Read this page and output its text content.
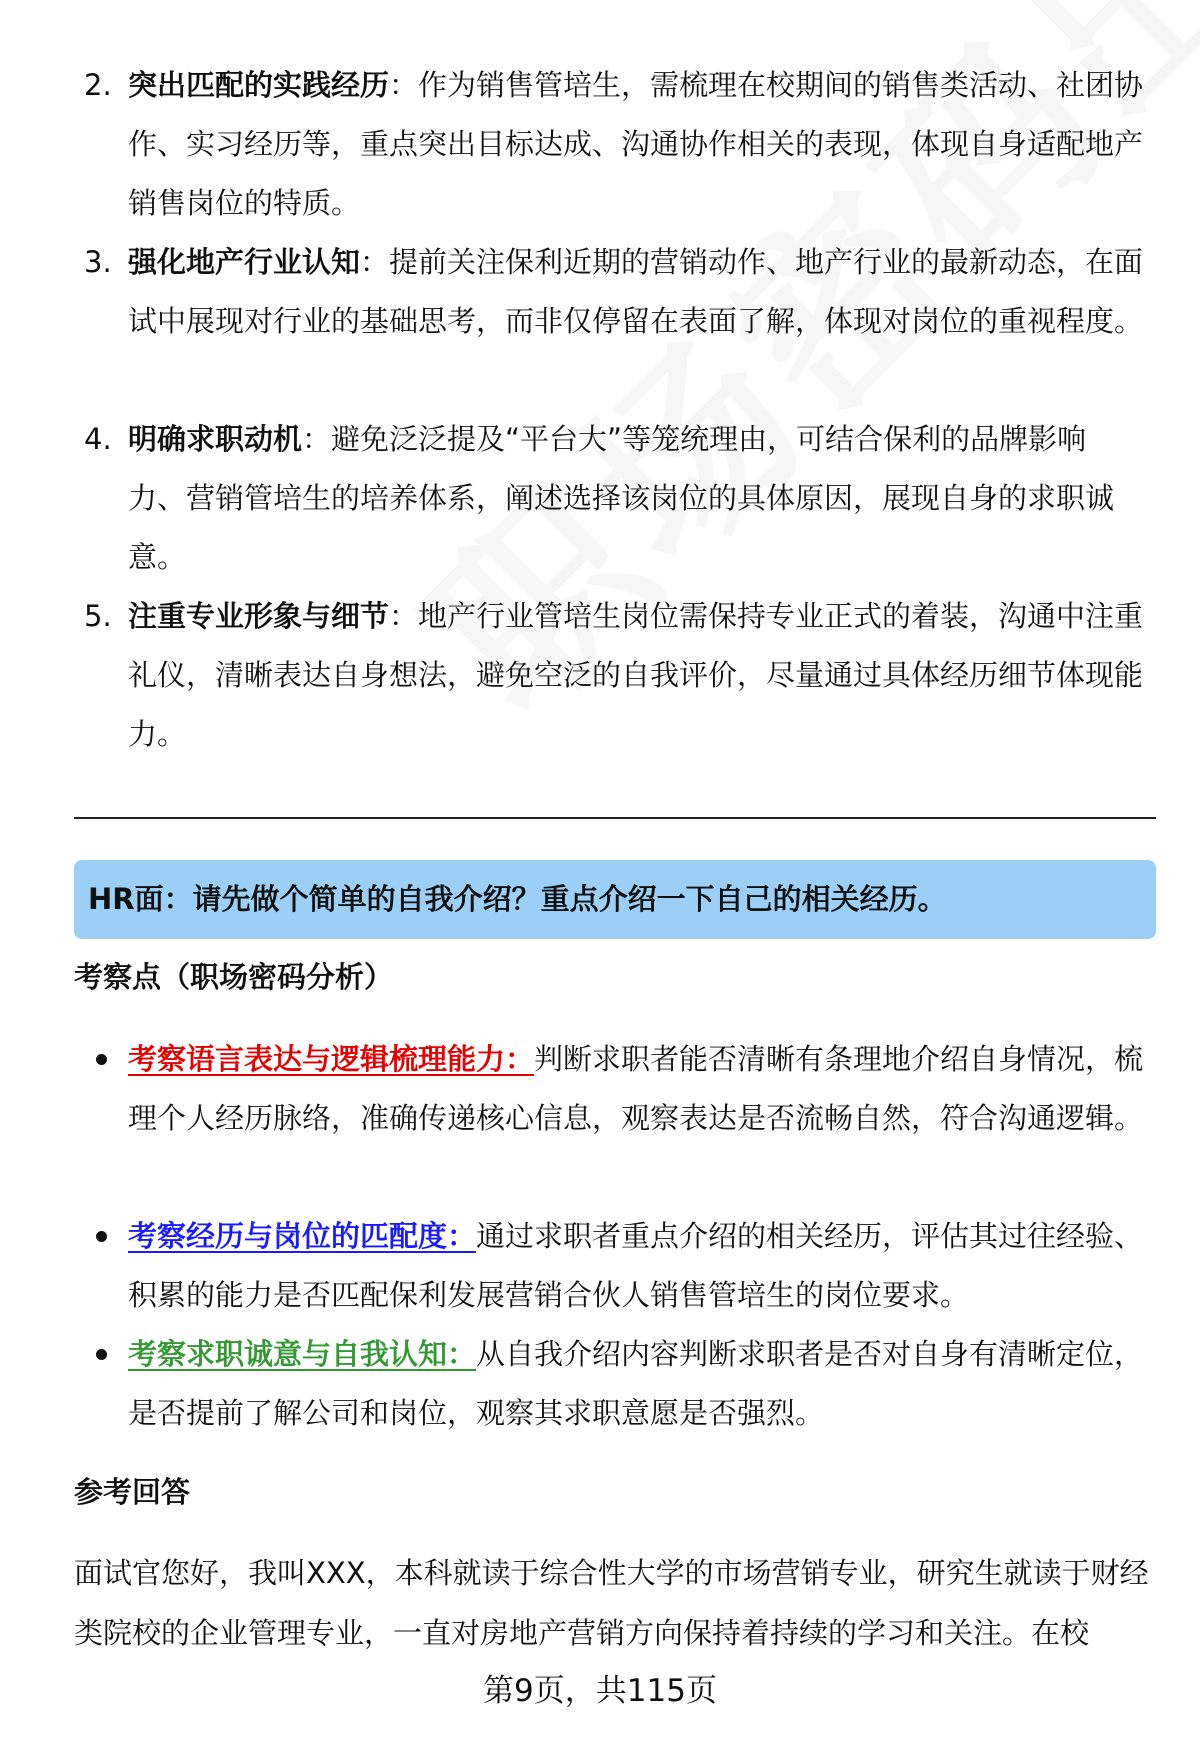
2. 突出匹配的实践经历：作为销售管培生，需梳理在校期间的销售类活动、社团协作、实习经历等，重点突出目标达成、沟通协作相关的表现，体现自身适配地产销售岗位的特质。
3. 强化地产行业认知：提前关注保利近期的营销动作、地产行业的最新动态，在面试中展现对行业的基础思考，而非仅停留在表面了解，体现对岗位的重视程度。
4. 明确求职动机：避免泛泛提及“平台大”等笼统理由，可结合保利的品牌影响力、营销管培生的培养体系，阐述选择该岗位的具体原因，展现自身的求职诚意。
5. 注重专业形象与细节：地产行业管培生岗位需保持专业正式的着装，沟通中注重礼仪，清晰表达自身想法，避免空泛的自我评价，尽量通过具体经历细节体现能力。
HR面：请先做个简单的自我介绍？重点介绍一下自己的相关经历。
考察点（职场密码分析）
考察语言表达与逻辑梳理能力：判断求职者能否清晰有条理地介绍自身情况，梳理个人经历脉络，准确传递核心信息，观察表达是否流畅自然，符合沟通逻辑。
考察经历与岗位的匹配度：通过求职者重点介绍的相关经历，评估其过往经验、积累的能力是否匹配保利发展营销合伙人销售管培生的岗位要求。
考察求职诚意与自我认知：从自我介绍内容判断求职者是否对自身有清晰定位，是否提前了解公司和岗位，观察其求职意愿是否强烈。
参考回答
面试官您好，我叫XXX，本科就读于综合性大学的市场营销专业，研究生就读于财经类院校的企业管理专业，一直对房地产营销方向保持着持续的学习和关注。在校
第9页，共115页
